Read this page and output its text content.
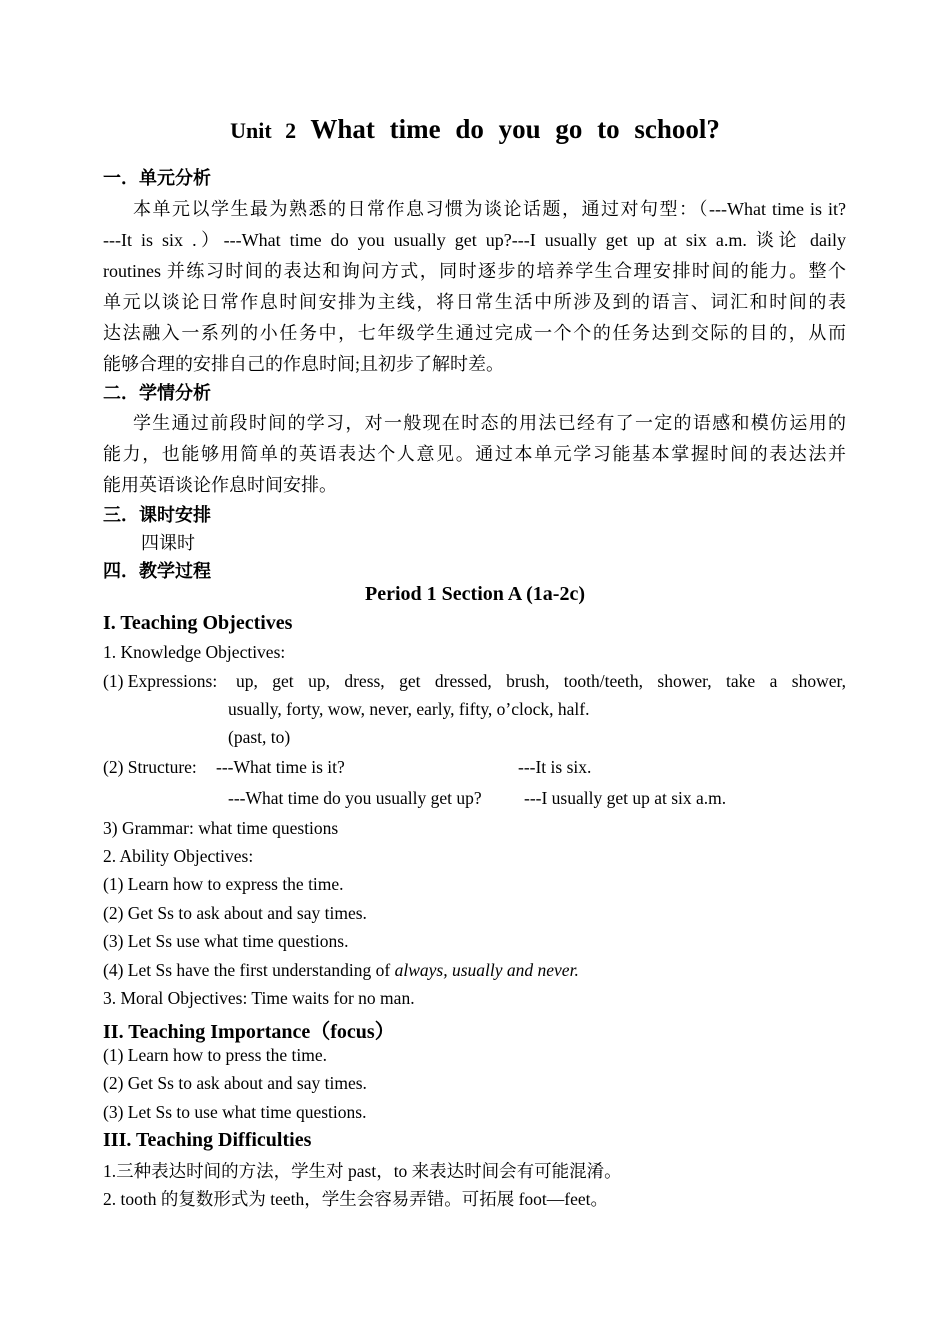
Unit 2 What time do you go to school?
一．单元分析
本单元以学生最为熟悉的日常作息习惯为谈论话题，通过对句型：（---What time is it?
---It is six .）---What time do you usually get up?---I usually get up at six a.m. 谈论 daily
routines 并练习时间的表达和询问方式，同时逐步的培养学生合理安排时间的能力。整个
单元以谈论日常作息时间安排为主线，将日常生活中所涉及到的语言、词汇和时间的表
达法融入一系列的小任务中，七年级学生通过完成一个个的任务达到交际的目的，从而
能够合理的安排自己的作息时间;且初步了解时差。
二．学情分析
学生通过前段时间的学习，对一般现在时态的用法已经有了一定的语感和模仿运用的
能力，也能够用简单的英语表达个人意见。通过本单元学习能基本掌握时间的表达法并
能用英语谈论作息时间安排。
三．课时安排
四课时
四．教学过程
Period 1 Section A (1a-2c)
I. Teaching Objectives
1. Knowledge Objectives:
(1) Expressions: up, get up, dress, get dressed, brush, tooth/teeth, shower, take a shower,
usually, forty, wow, never, early, fifty, o’clock, half.
(past, to)
(2) Structure: ---What time is it?	---It is six.
---What time do you usually get up? ---I usually get up at six a.m.
3) Grammar: what time questions
2. Ability Objectives:
(1) Learn how to express the time.
(2) Get Ss to ask about and say times.
(3) Let Ss use what time questions.
(4) Let Ss have the first understanding of always, usually and never.
3. Moral Objectives: Time waits for no man.
II. Teaching Importance（focus）
(1) Learn how to press the time.
(2) Get Ss to ask about and say times.
(3) Let Ss to use what time questions.
III. Teaching Difficulties
1.三种表达时间的方法，学生对 past，to 来表达时间会有可能混淆。
2. tooth 的复数形式为 teeth，学生会容易弄错。可拓展 foot—feet。
